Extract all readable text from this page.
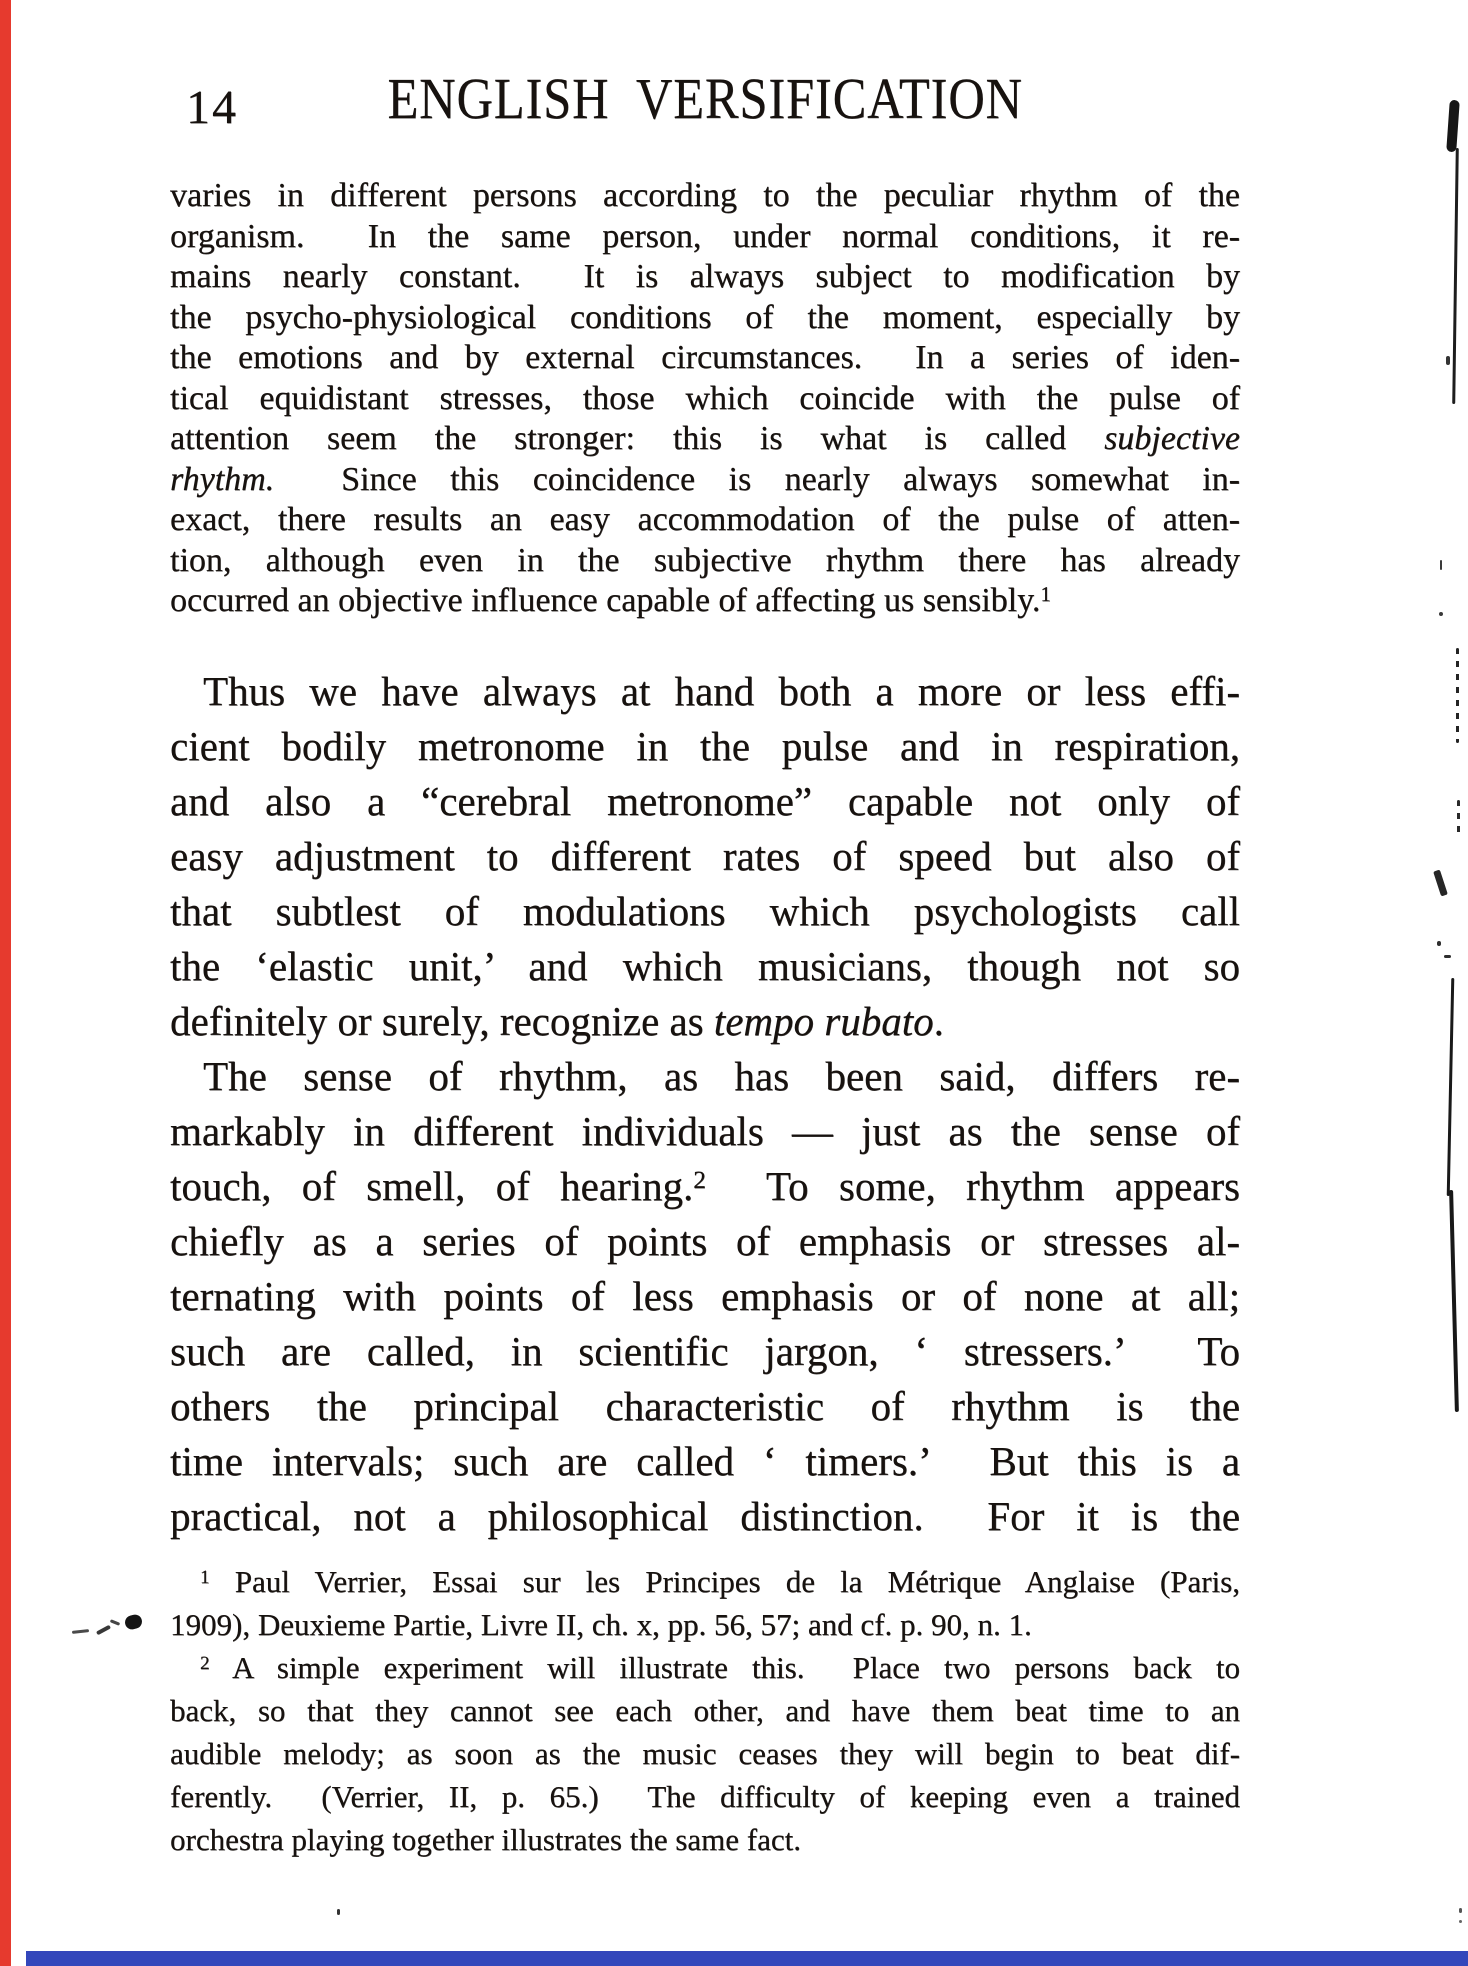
14	ENGLISH VERSIFICATION
varies in different persons according to the peculiar rhythm of the
organism.  In the same person, under normal conditions, it re-
mains nearly constant.  It is always subject to modification by
the psycho-physiological conditions of the moment, especially by
the emotions and by external circumstances.  In a series of iden-
tical equidistant stresses, those which coincide with the pulse of
attention seem the stronger: this is what is called subjective
rhythm.  Since this coincidence is nearly always somewhat in-
exact, there results an easy accommodation of the pulse of atten-
tion, although even in the subjective rhythm there has already
occurred an objective influence capable of affecting us sensibly.$^1$
Thus we have always at hand both a more or less effi-
cient bodily metronome in the pulse and in respiration,
and also a “cerebral metronome” capable not only of
easy adjustment to different rates of speed but also of
that subtlest of modulations which psychologists call
the ‘elastic unit,’ and which musicians, though not so
definitely or surely, recognize as tempo rubato.
The sense of rhythm, as has been said, differs re-
markably in different individuals — just as the sense of
touch, of smell, of hearing.$^2$  To some, rhythm appears
chiefly as a series of points of emphasis or stresses al-
ternating with points of less emphasis or of none at all;
such are called, in scientific jargon, ‘ stressers.’  To
others the principal characteristic of rhythm is the
time intervals; such are called ‘ timers.’  But this is a
practical, not a philosophical distinction.  For it is the
$^1$ Paul Verrier, Essai sur les Principes de la Métrique Anglaise (Paris,
1909), Deuxieme Partie, Livre II, ch. x, pp. 56, 57; and cf. p. 90, n. 1.
$^2$ A simple experiment will illustrate this.  Place two persons back to
back, so that they cannot see each other, and have them beat time to an
audible melody; as soon as the music ceases they will begin to beat dif-
ferently.  (Verrier, II, p. 65.)  The difficulty of keeping even a trained
orchestra playing together illustrates the same fact.
